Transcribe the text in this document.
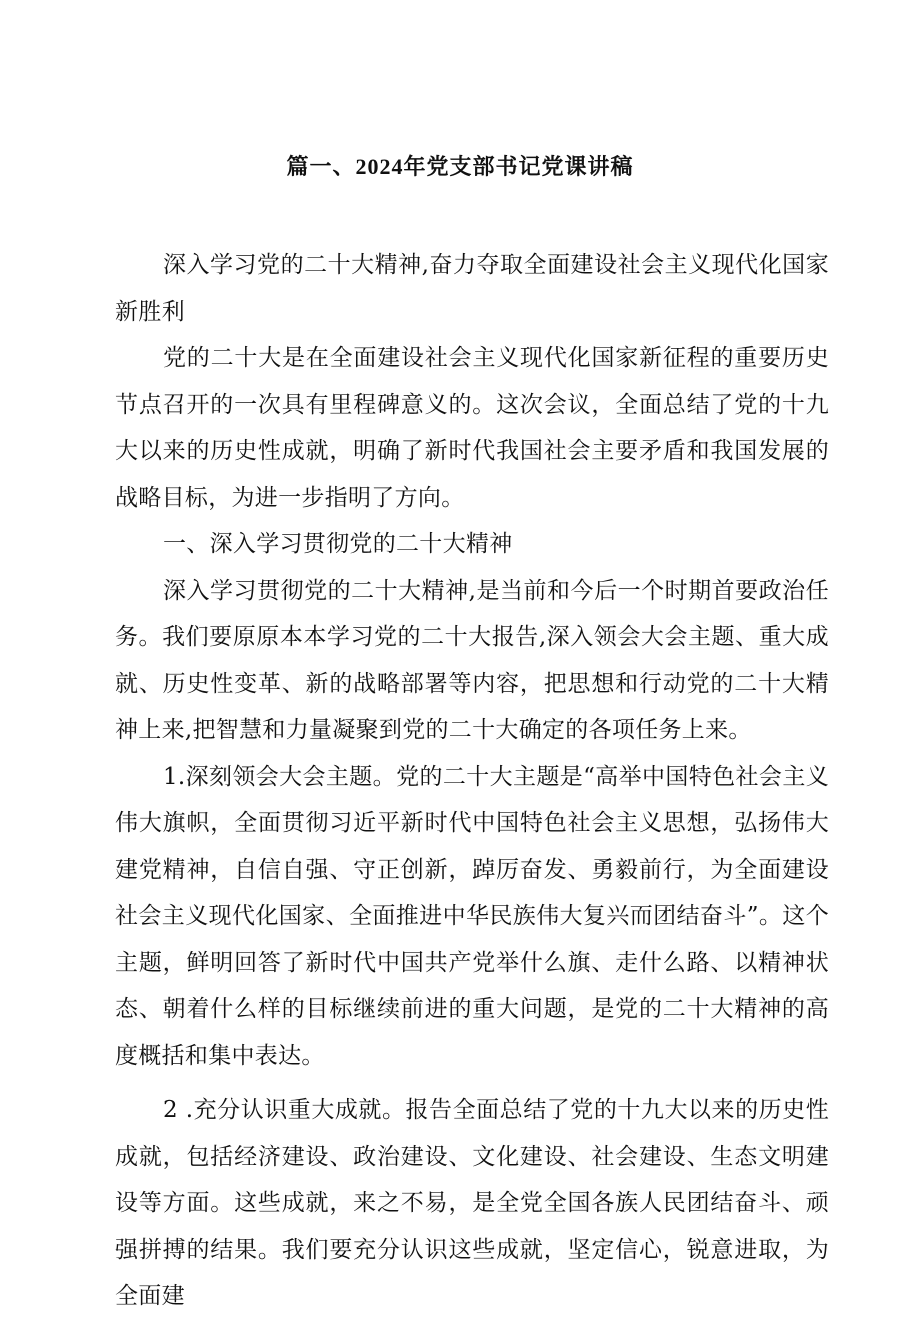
篇一、2024年党支部书记党课讲稿

深入学习党的二十大精神,奋力夺取全面建设社会主义现代化国家新胜利

党的二十大是在全面建设社会主义现代化国家新征程的重要历史节点召开的一次具有里程碑意义的。这次会议，全面总结了党的十九大以来的历史性成就，明确了新时代我国社会主要矛盾和我国发展的战略目标，为进一步指明了方向。

一、深入学习贯彻党的二十大精神

深入学习贯彻党的二十大精神,是当前和今后一个时期首要政治任务。我们要原原本本学习党的二十大报告,深入领会大会主题、重大成就、历史性变革、新的战略部署等内容，把思想和行动党的二十大精神上来,把智慧和力量凝聚到党的二十大确定的各项任务上来。

1.深刻领会大会主题。党的二十大主题是“高举中国特色社会主义伟大旗帜，全面贯彻习近平新时代中国特色社会主义思想，弘扬伟大建党精神，自信自强、守正创新，踔厉奋发、勇毅前行，为全面建设社会主义现代化国家、全面推进中华民族伟大复兴而团结奋斗”。这个主题，鲜明回答了新时代中国共产党举什么旗、走什么路、以精神状态、朝着什么样的目标继续前进的重大问题，是党的二十大精神的高度概括和集中表达。

2 .充分认识重大成就。报告全面总结了党的十九大以来的历史性成就，包括经济建设、政治建设、文化建设、社会建设、生态文明建设等方面。这些成就，来之不易，是全党全国各族人民团结奋斗、顽强拼搏的结果。我们要充分认识这些成就，坚定信心，锐意进取，为全面建
